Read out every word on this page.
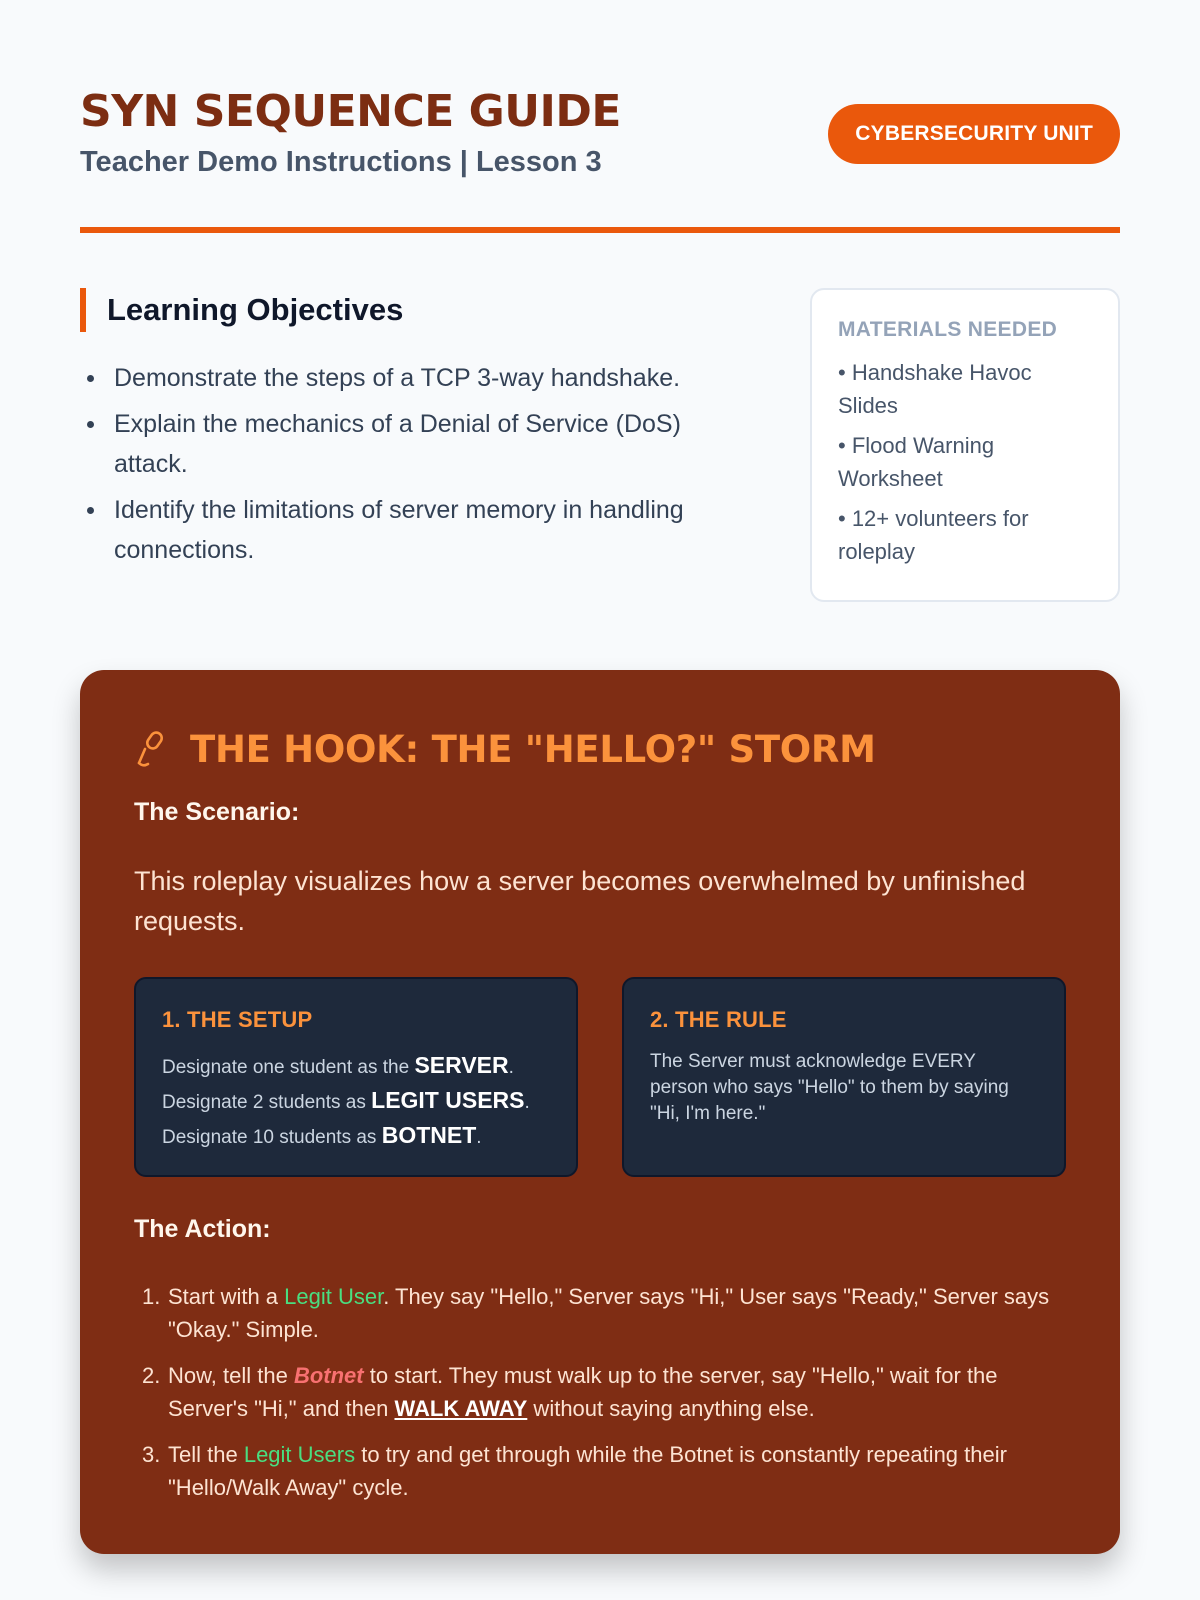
SYN SEQUENCE GUIDE
Teacher Demo Instructions | Lesson 3
CYBERSECURITY UNIT
Learning Objectives
Demonstrate the steps of a TCP 3-way handshake.
Explain the mechanics of a Denial of Service (DoS) attack.
Identify the limitations of server memory in handling connections.
MATERIALS NEEDED
• Handshake Havoc Slides
• Flood Warning Worksheet
• 12+ volunteers for roleplay
THE HOOK: THE "HELLO?" STORM
The Scenario:
This roleplay visualizes how a server becomes overwhelmed by unfinished requests.
1. THE SETUP
Designate one student as the SERVER.
Designate 2 students as LEGIT USERS.
Designate 10 students as BOTNET.
2. THE RULE
The Server must acknowledge EVERY person who says "Hello" to them by saying "Hi, I'm here."
The Action:
1. Start with a Legit User. They say "Hello," Server says "Hi," User says "Ready," Server says "Okay." Simple.
2. Now, tell the Botnet to start. They must walk up to the server, say "Hello," wait for the Server's "Hi," and then WALK AWAY without saying anything else.
3. Tell the Legit Users to try and get through while the Botnet is constantly repeating their "Hello/Walk Away" cycle.
